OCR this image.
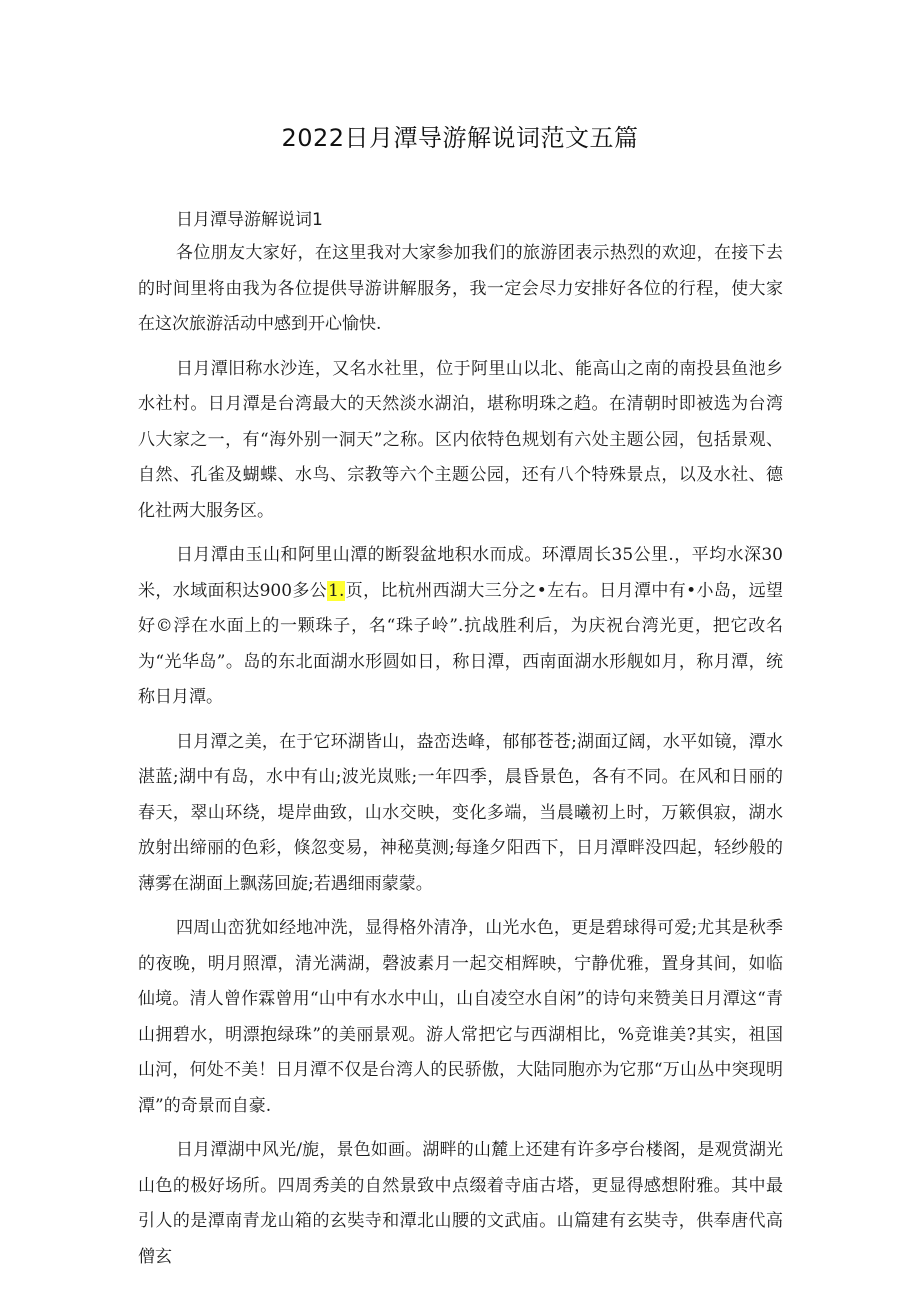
2022日月潭导游解说词范文五篇

日月潭导游解说词1

各位朋友大家好，在这里我对大家参加我们的旅游团表示热烈的欢迎，在接下去的时间里将由我为各位提供导游讲解服务，我一定会尽力安排好各位的行程，使大家在这次旅游活动中感到开心愉快.

日月潭旧称水沙连，又名水社里，位于阿里山以北、能高山之南的南投县鱼池乡水社村。日月潭是台湾最大的天然淡水湖泊，堪称明珠之趋。在清朝时即被选为台湾八大家之一，有“海外别一洞天”之称。区内依特色规划有六处主题公园，包括景观、自然、孔雀及蝴蝶、水鸟、宗教等六个主题公园，还有八个特殊景点，以及水社、德化社两大服务区。

日月潭由玉山和阿里山潭的断裂盆地积水而成。环潭周长35公里.，平均水深30米，水域面积达900多公1.页，比杭州西湖大三分之•左右。日月潭中有•小岛，远望好©浮在水面上的一颗珠子，名“珠子岭”.抗战胜利后，为庆祝台湾光更，把它改名为“光华岛”。岛的东北面湖水形圆如日，称日潭，西南面湖水形舰如月，称月潭，统称日月潭。

日月潭之美，在于它环湖皆山，盎峦迭峰，郁郁苍苍;湖面辽阔，水平如镜，潭水湛蓝;湖中有岛，水中有山;波光岚账;一年四季，晨昏景色，各有不同。在风和日丽的春天，翠山环绕，堤岸曲致，山水交映，变化多端，当晨曦初上时，万簌俱寂，湖水放射出缔丽的色彩，倏忽变易，神秘莫测;每逢夕阳西下，日月潭畔没四起，轻纱般的薄雾在湖面上飘荡回旋;若遇细雨蒙蒙。

四周山峦犹如经地冲洗，显得格外清净，山光水色，更是碧球得可爱;尤其是秋季的夜晚，明月照潭，清光满湖，磬波素月一起交相辉映，宁静优雅，置身其间，如临仙境。清人曾作霖曾用“山中有水水中山，山自凌空水自闲”的诗句来赞美日月潭这“青山拥碧水，明漂抱绿珠”的美丽景观。游人常把它与西湖相比，%竞谁美?其实，祖国山河，何处不美！日月潭不仅是台湾人的民骄傲，大陆同胞亦为它那“万山丛中突现明潭”的奇景而自豪.

日月潭湖中风光/旎，景色如画。湖畔的山麓上还建有许多亭台楼阁，是观赏湖光山色的极好场所。四周秀美的自然景致中点缀着寺庙古塔，更显得感想附雅。其中最引人的是潭南青龙山箱的玄奘寺和潭北山腰的文武庙。山篇建有玄奘寺，供奉唐代高僧玄
